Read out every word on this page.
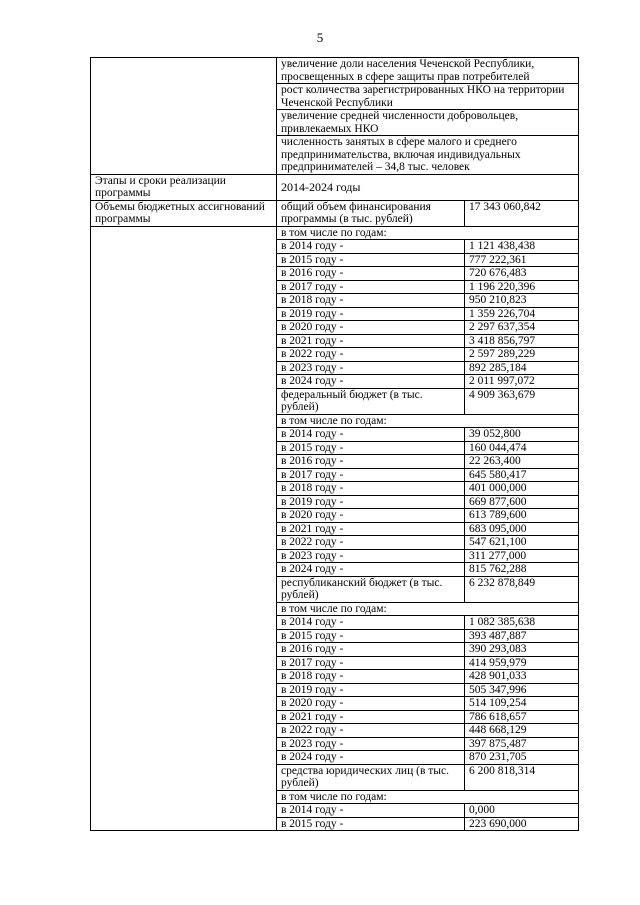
5
	увеличение доли населения Чеченской Республики, просвещенных в сфере защиты прав потребителей	
	рост количества зарегистрированных НКО на территории Чеченской Республики	
	увеличение средней численности добровольцев, привлекаемых НКО	
	численность занятых в сфере малого и среднего предпринимательства, включая индивидуальных предпринимателей – 34,8 тыс. человек	
Этапы и сроки реализации программы	2014-2024 годы	
Объемы бюджетных ассигнований программы	общий объем финансирования программы (в тыс. рублей)	17 343 060,842
	в том числе по годам:	
	в 2014 году -	1 121 438,438
	в 2015 году -	777 222,361
	в 2016 году -	720 676,483
	в 2017 году -	1 196 220,396
	в 2018 году -	950 210,823
	в 2019 году -	1 359 226,704
	в 2020 году -	2 297 637,354
	в 2021 году -	3 418 856,797
	в 2022 году -	2 597 289,229
	в 2023 году -	892 285,184
	в 2024 году -	2 011 997,072
	федеральный бюджет (в тыс. рублей)	4 909 363,679
	в том числе по годам:	
	в 2014 году -	39 052,800
	в 2015 году -	160 044,474
	в 2016 году -	22 263,400
	в 2017 году -	645 580,417
	в 2018 году -	401 000,000
	в 2019 году -	669 877,600
	в 2020 году -	613 789,600
	в 2021 году -	683 095,000
	в 2022 году -	547 621,100
	в 2023 году -	311 277,000
	в 2024 году -	815 762,288
	республиканский бюджет (в тыс. рублей)	6 232 878,849
	в том числе по годам:	
	в 2014 году -	1 082 385,638
	в 2015 году -	393 487,887
	в 2016 году -	390 293,083
	в 2017 году -	414 959,979
	в 2018 году -	428 901,033
	в 2019 году -	505 347,996
	в 2020 году -	514 109,254
	в 2021 году -	786 618,657
	в 2022 году -	448 668,129
	в 2023 году -	397 875,487
	в 2024 году -	870 231,705
	средства юридических лиц (в тыс. рублей)	6 200 818,314
	в том числе по годам:	
	в 2014 году -	0,000
	в 2015 году -	223 690,000
